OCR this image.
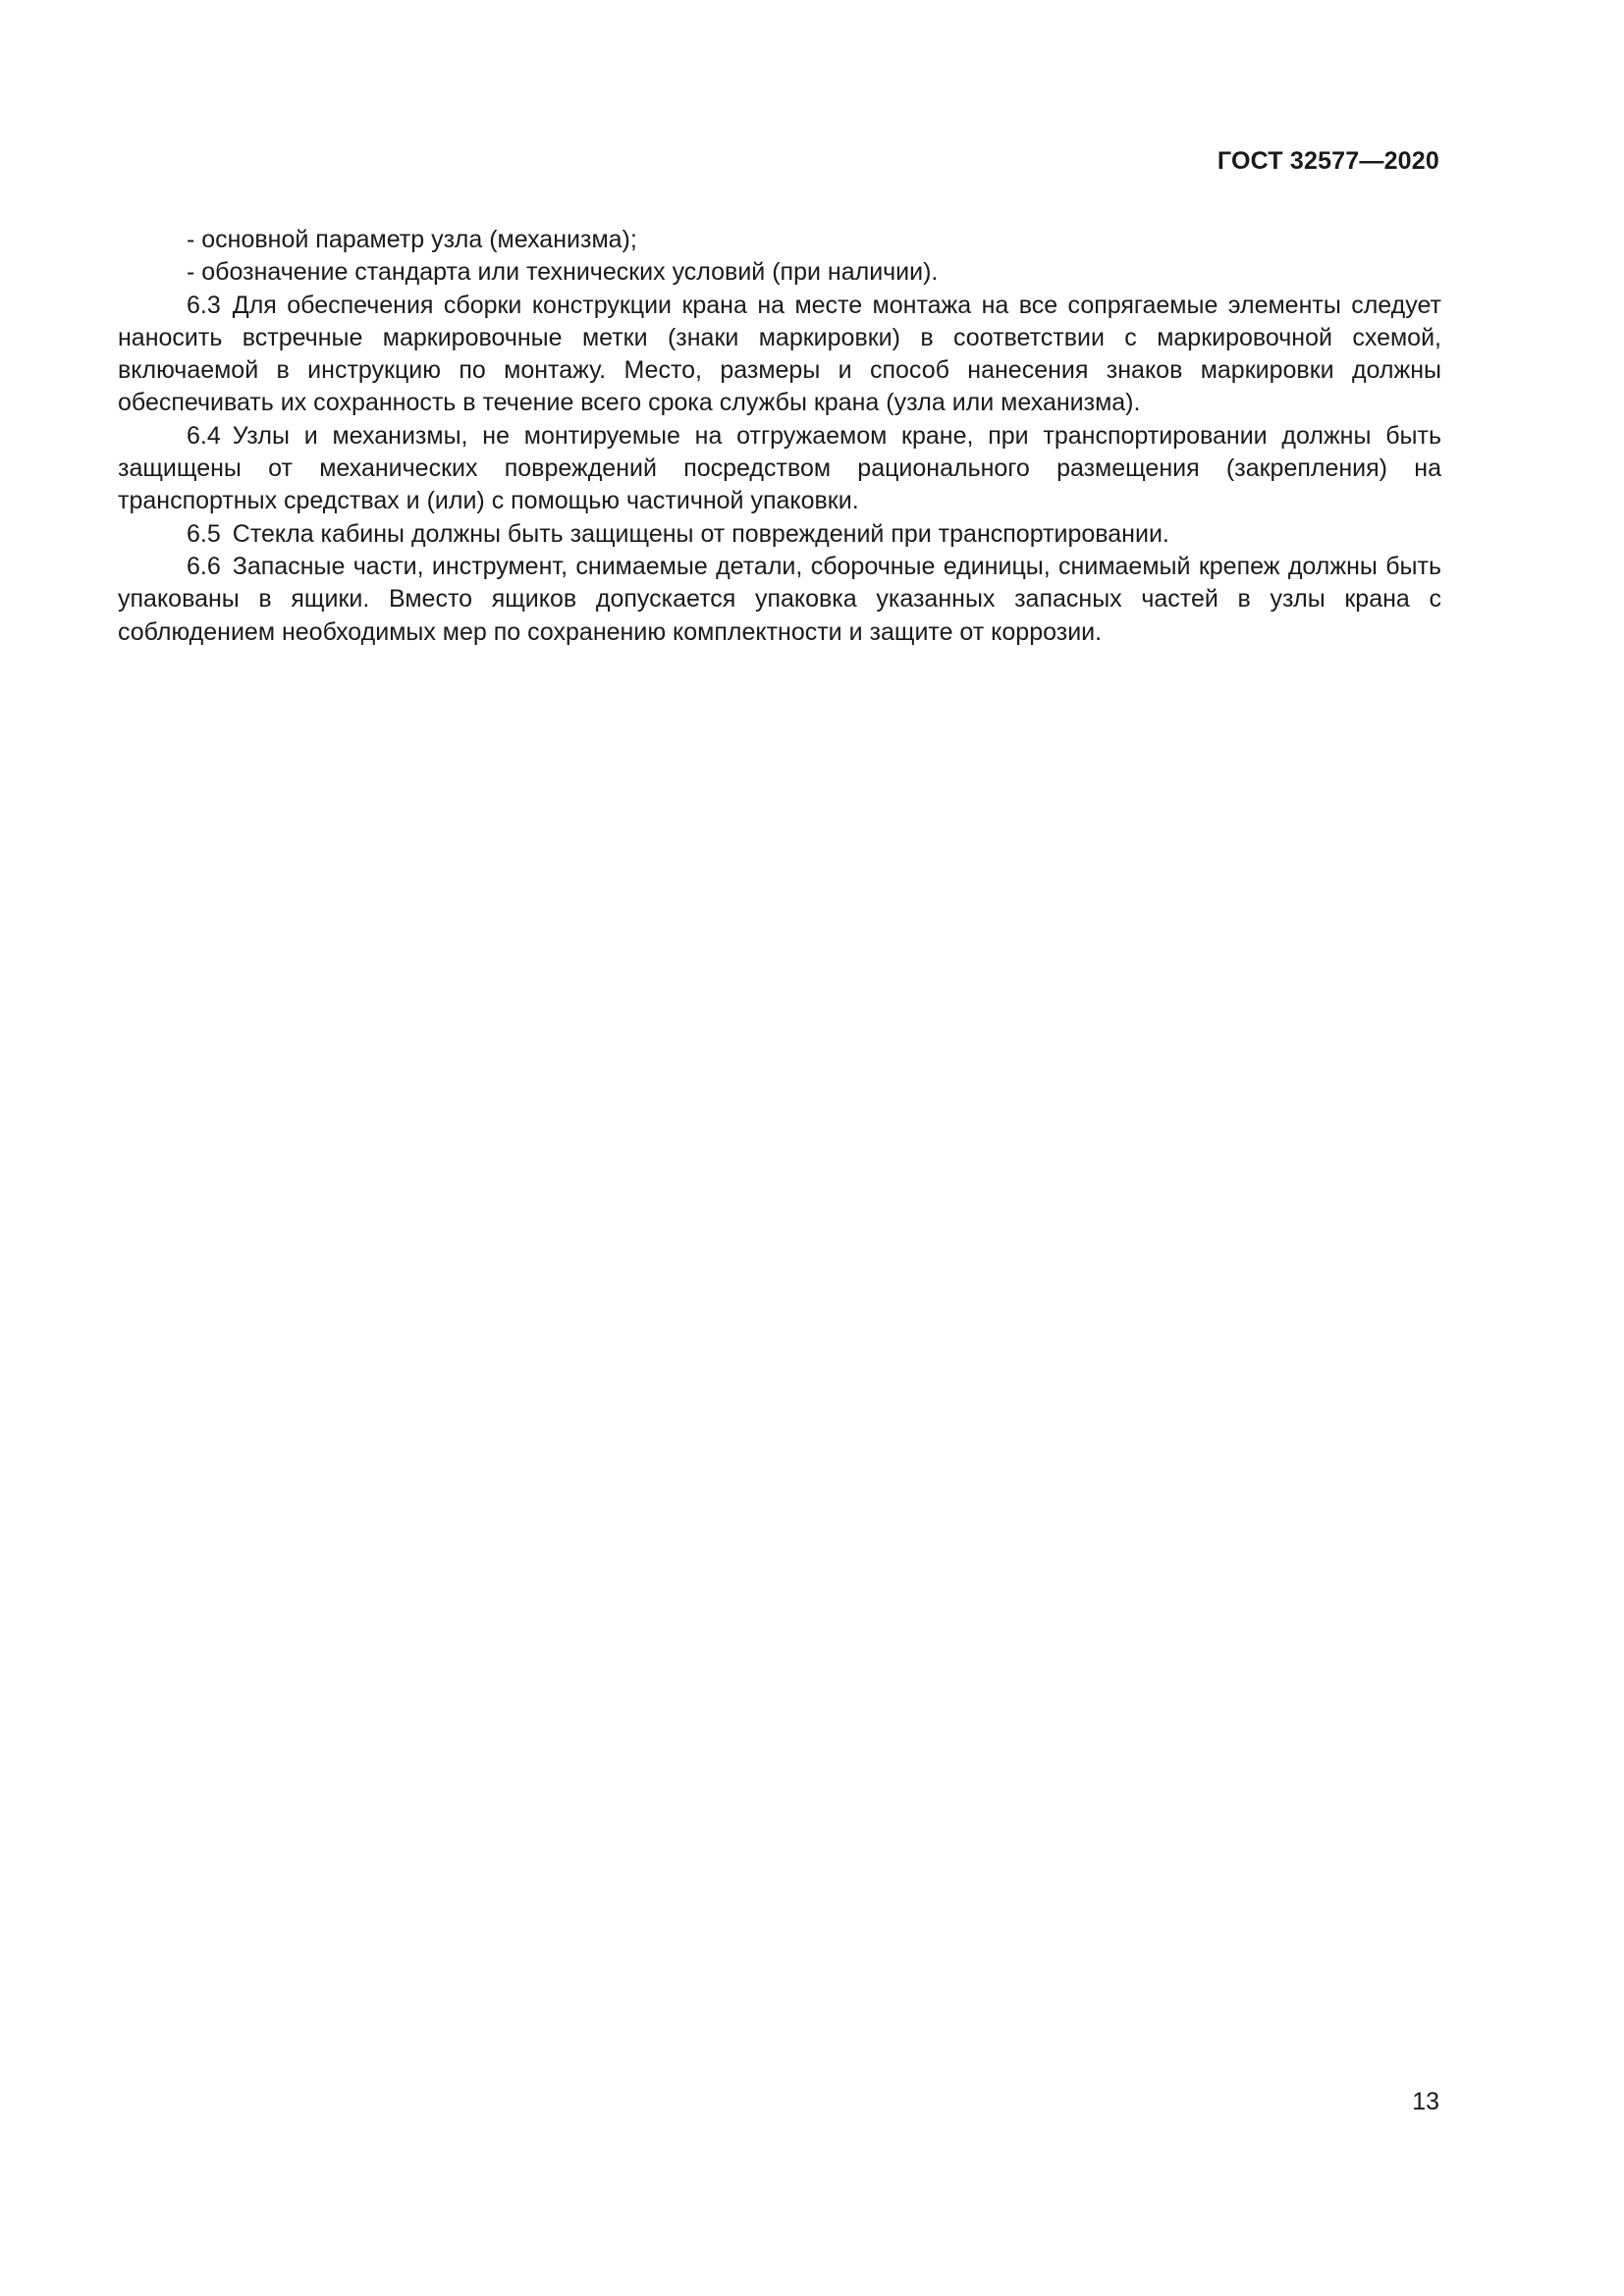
ГОСТ 32577—2020

- основной параметр узла (механизма);

- обозначение стандарта или технических условий (при наличии).

6.3 Для обеспечения сборки конструкции крана на месте монтажа на все сопрягаемые элементы следует наносить встречные маркировочные метки (знаки маркировки) в соответствии с маркировочной схемой, включаемой в инструкцию по монтажу. Место, размеры и способ нанесения знаков маркировки должны обеспечивать их сохранность в течение всего срока службы крана (узла или механизма).

6.4 Узлы и механизмы, не монтируемые на отгружаемом кране, при транспортировании должны быть защищены от механических повреждений посредством рационального размещения (закрепления) на транспортных средствах и (или) с помощью частичной упаковки.

6.5 Стекла кабины должны быть защищены от повреждений при транспортировании.

6.6 Запасные части, инструмент, снимаемые детали, сборочные единицы, снимаемый крепеж должны быть упакованы в ящики. Вместо ящиков допускается упаковка указанных запасных частей в узлы крана с соблюдением необходимых мер по сохранению комплектности и защите от коррозии.

13
